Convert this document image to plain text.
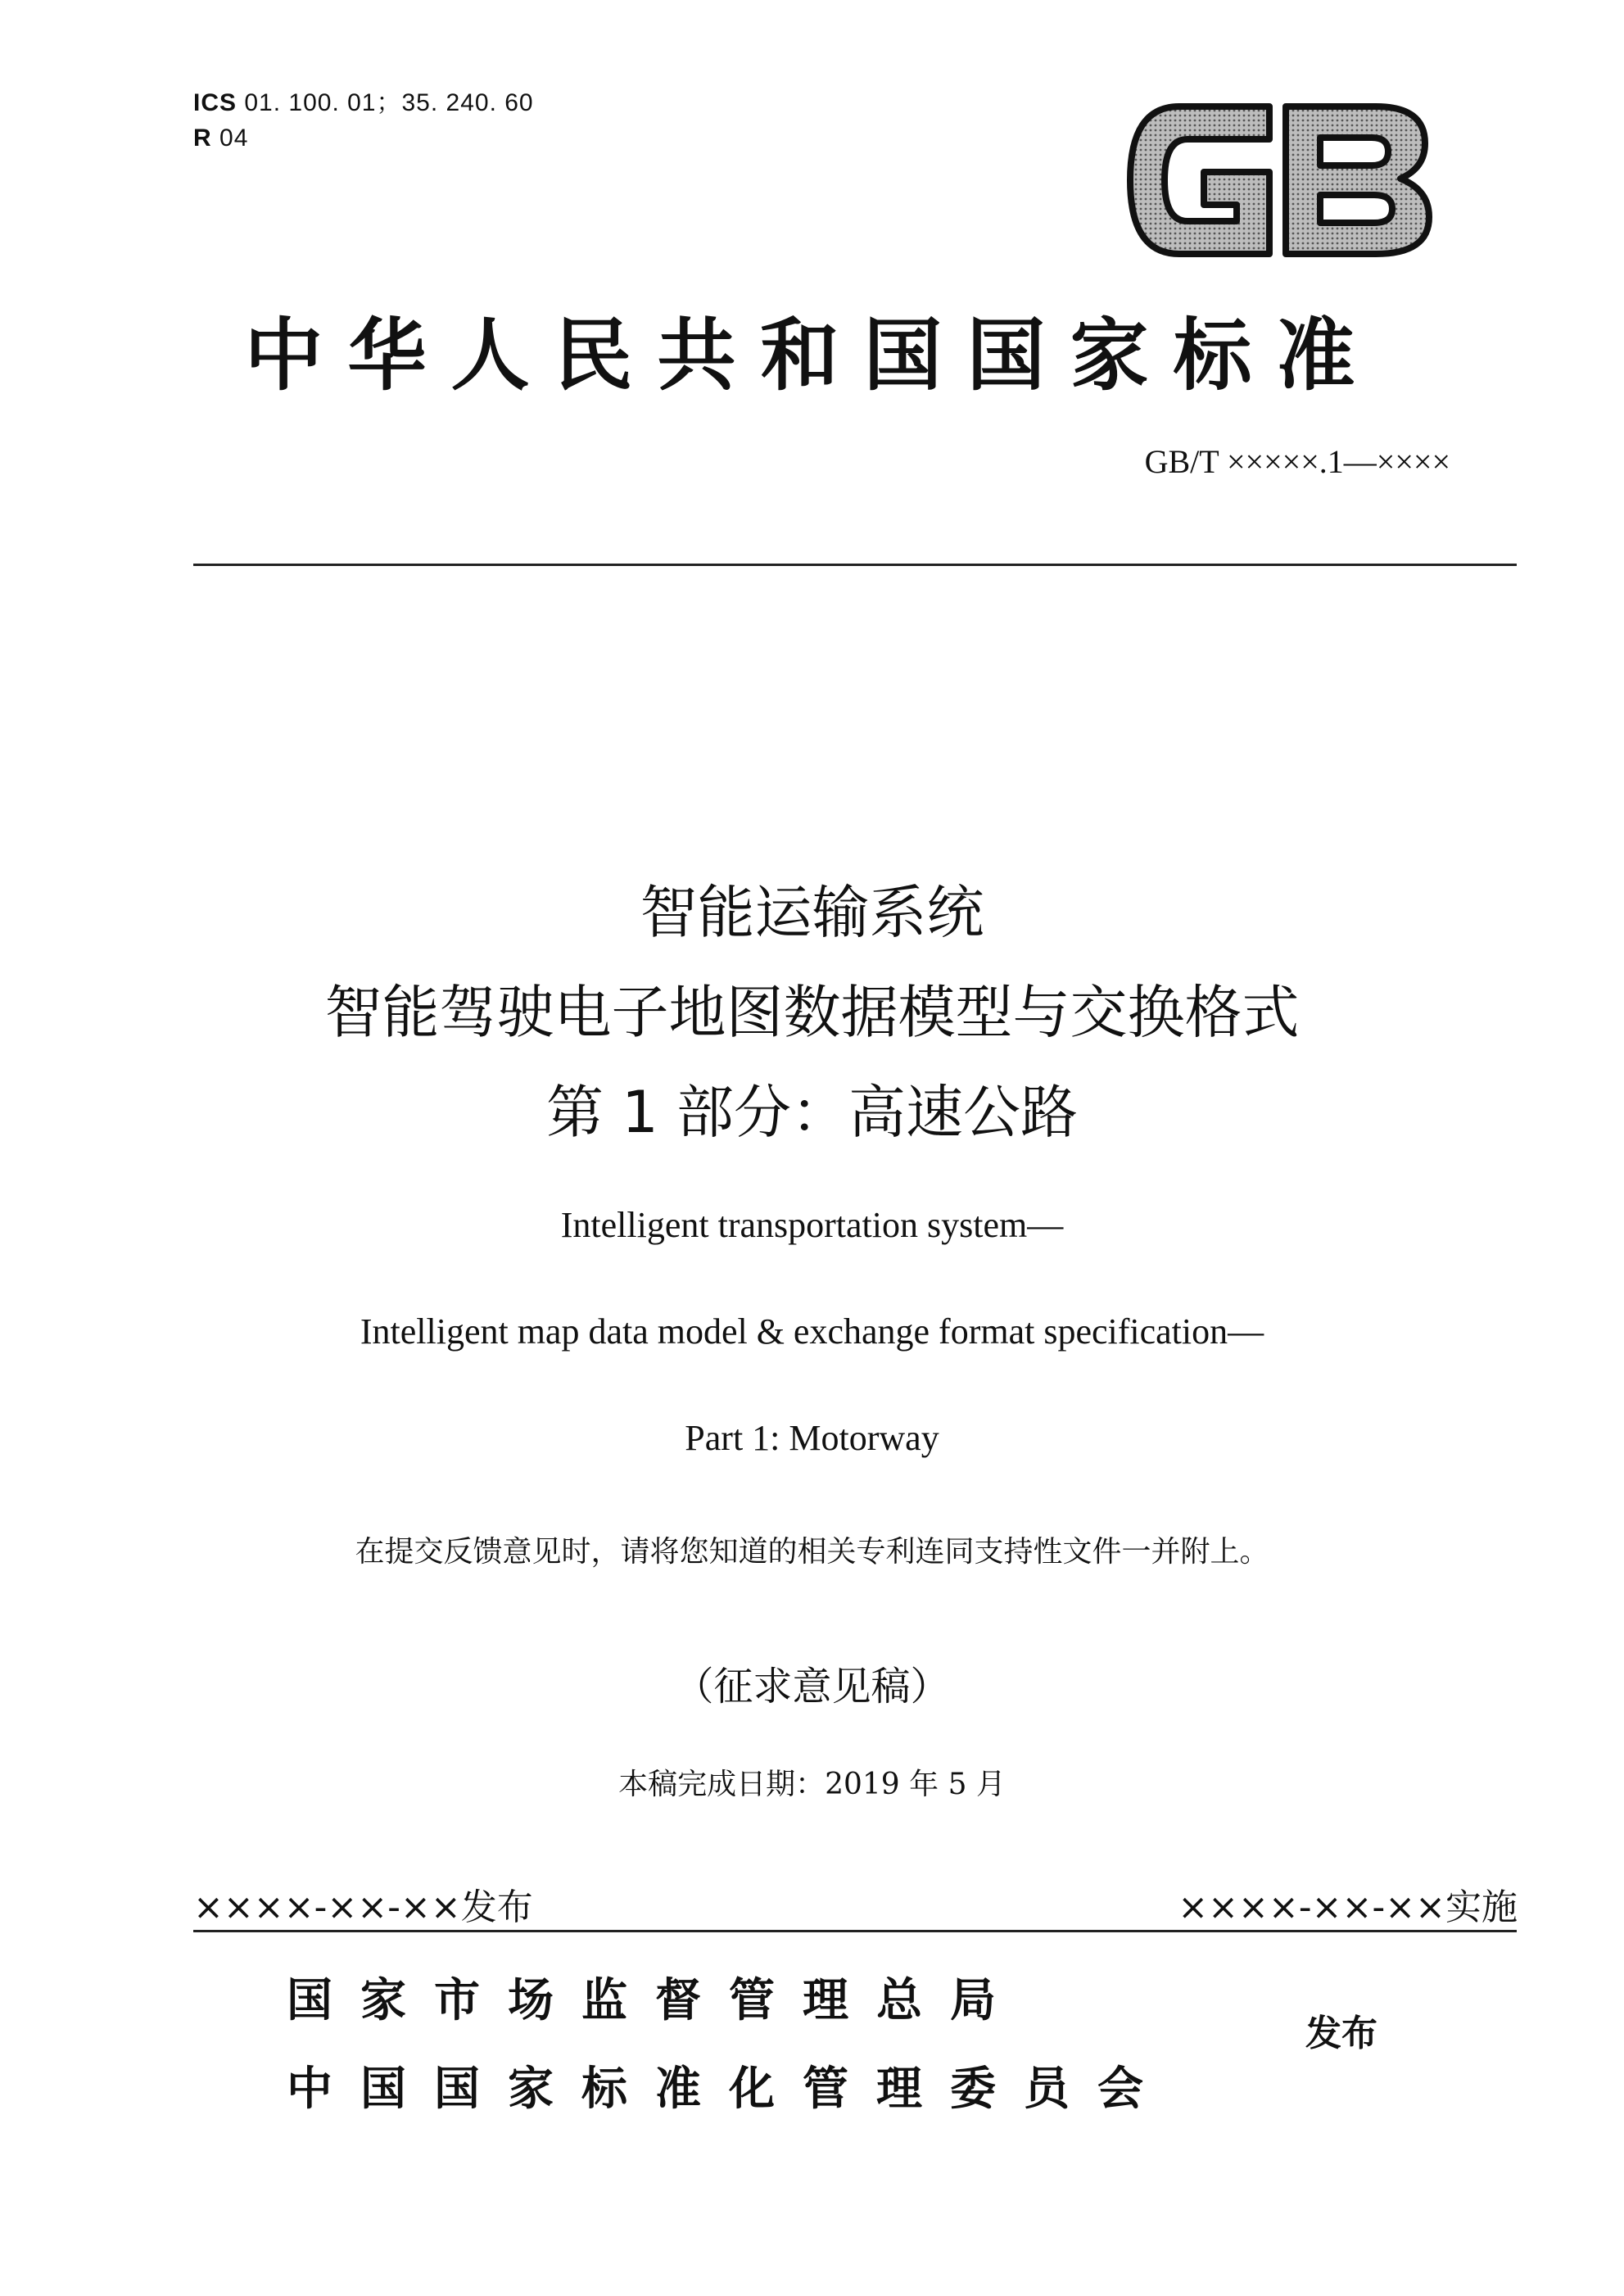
ICS 01. 100. 01；35. 240. 60
R 04
中华人民共和国国家标准
GB/T ×××××.1—××××
智能运输系统
智能驾驶电子地图数据模型与交换格式
第 1 部分：高速公路
Intelligent transportation system—
Intelligent map data model & exchange format specification—
Part 1: Motorway
在提交反馈意见时，请将您知道的相关专利连同支持性文件一并附上。
（征求意见稿）
本稿完成日期：2019 年 5 月
××××-××-××发布	××××-××-××实施
国家市场监督管理总局
中国国家标准化管理委员会
发布
